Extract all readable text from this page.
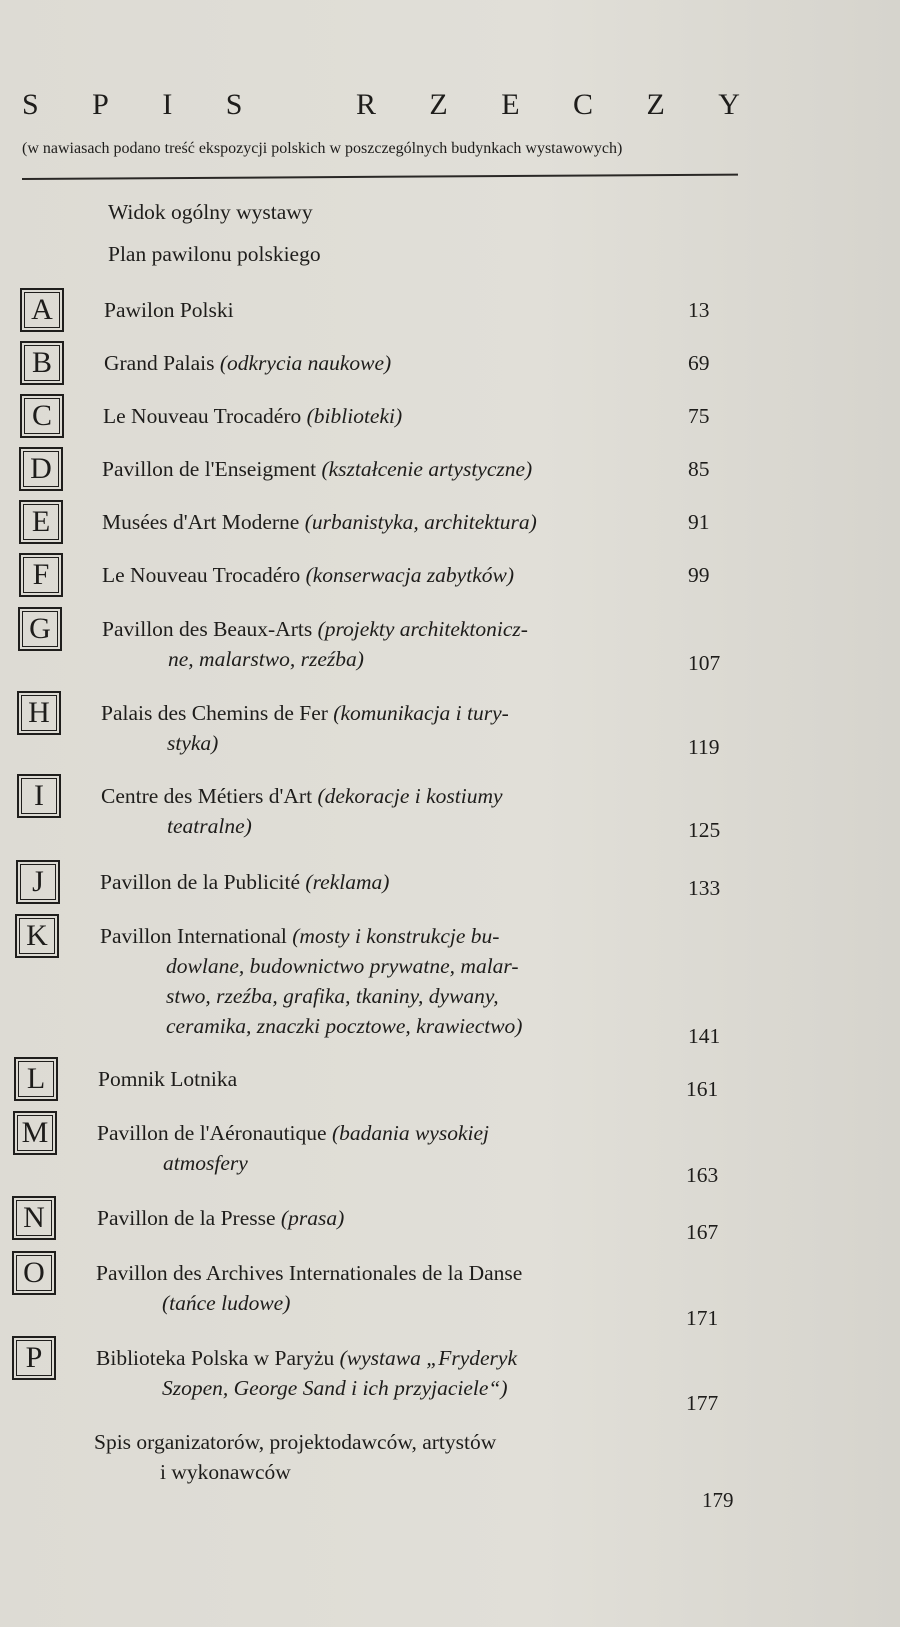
S P I S	R Z E C Z Y
(w nawiasach podano treść ekspozycji polskich w poszczególnych budynkach wystawowych)
Widok ogólny wystawy
Plan pawilonu polskiego
A	Pawilon Polski	13
B	Grand Palais (odkrycia naukowe)	69
C	Le Nouveau Trocadéro (biblioteki)	75
D	Pavillon de l'Enseigment (kształcenie artystyczne)	85
E	Musées d'Art Moderne (urbanistyka, architektura)	91
F	Le Nouveau Trocadéro (konserwacja zabytków)	99
G	Pavillon des Beaux-Arts (projekty architektonicz-
ne, malarstwo, rzeźba)	107
H	Palais des Chemins de Fer (komunikacja i tury-
styka)	119
I	Centre des Métiers d'Art (dekoracje i kostiumy
teatralne)	125
J	Pavillon de la Publicité (reklama)	133
K	Pavillon International (mosty i konstrukcje bu-
dowlane, budownictwo prywatne, malar-
stwo, rzeźba, grafika, tkaniny, dywany,
ceramika, znaczki pocztowe, krawiectwo)	141
L	Pomnik Lotnika	161
M	Pavillon de l'Aéronautique (badania wysokiej
atmosfery	163
N	Pavillon de la Presse (prasa)
167
O	Pavillon des Archives Internationales de la Danse
(tańce ludowe)
171
P	Biblioteka Polska w Paryżu (wystawa „Fryderyk
Szopen, George Sand i ich przyjaciele“)
177
Spis organizatorów, projektodawców, artystów
i wykonawców
179
